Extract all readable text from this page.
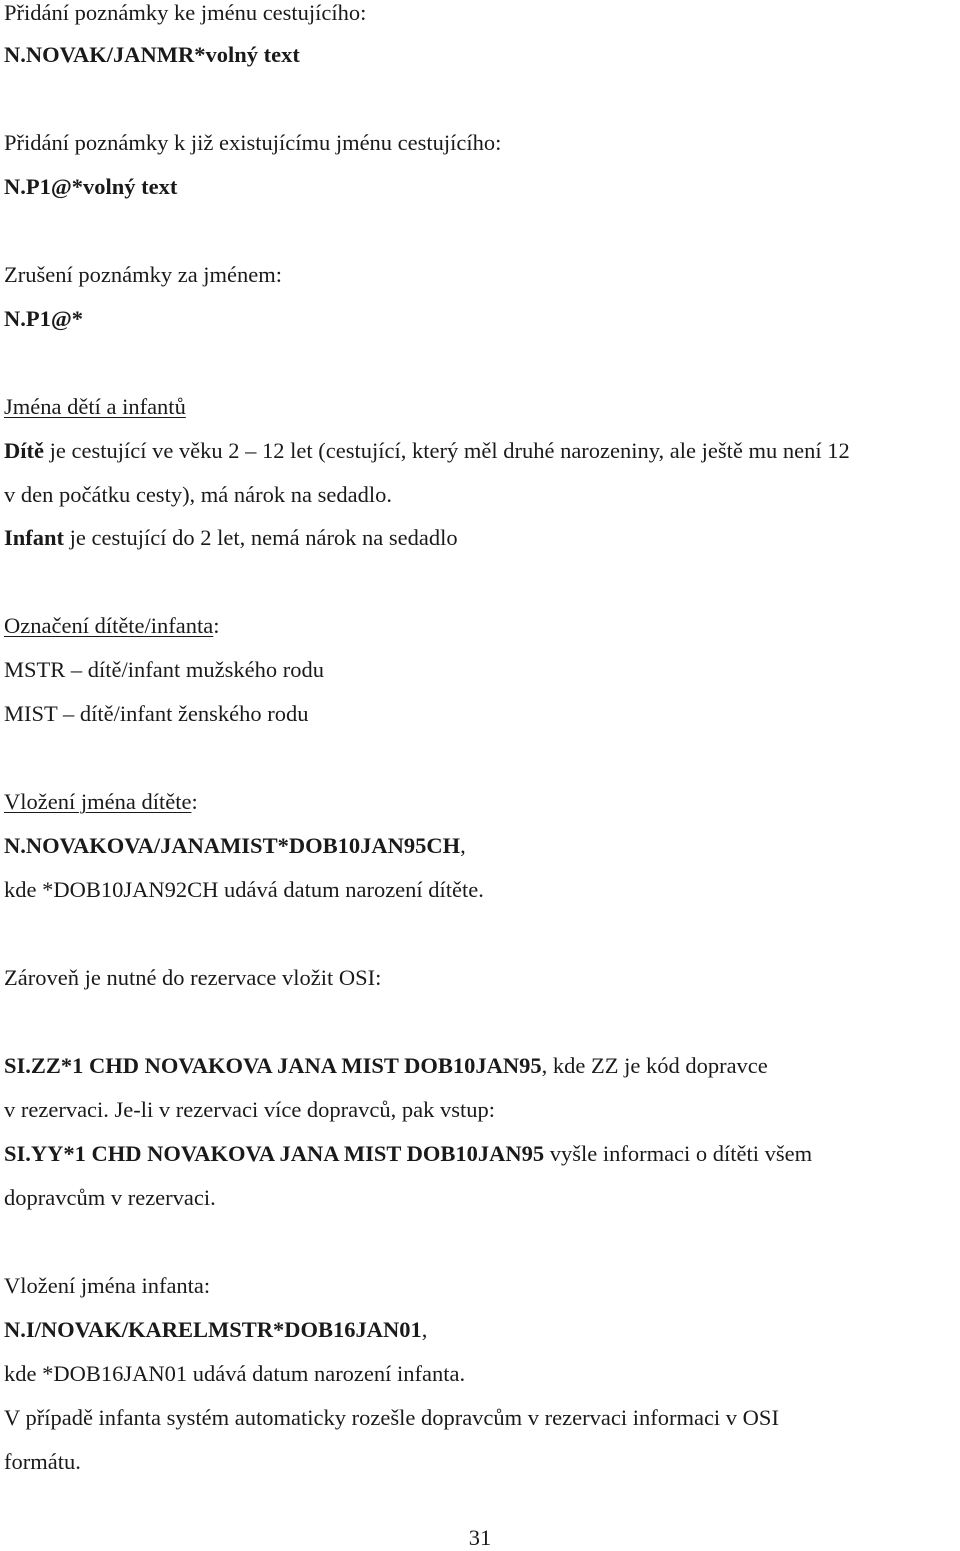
Přidání poznámky ke jménu cestujícího:
N.NOVAK/JANMR*volný text
Přidání poznámky k již existujícímu jménu cestujícího:
N.P1@*volný text
Zrušení poznámky za jménem:
N.P1@*
Jména dětí a infantů
Dítě je cestující ve věku 2 – 12 let (cestující, který měl druhé narozeniny, ale ještě mu není 12
v den počátku cesty), má nárok na sedadlo.
Infant je cestující do 2 let, nemá nárok na sedadlo
Označení dítěte/infanta:
MSTR – dítě/infant mužského rodu
MIST – dítě/infant ženského rodu
Vložení jména dítěte:
N.NOVAKOVA/JANAMIST*DOB10JAN95CH,
kde *DOB10JAN92CH udává datum narození dítěte.
Zároveň je nutné do rezervace vložit OSI:
SI.ZZ*1 CHD NOVAKOVA JANA MIST DOB10JAN95, kde ZZ je kód dopravce
v rezervaci. Je-li v rezervaci více dopravců, pak vstup:
SI.YY*1 CHD NOVAKOVA JANA MIST DOB10JAN95 vyšle informaci o dítěti všem
dopravcům v rezervaci.
Vložení jména infanta:
N.I/NOVAK/KARELMSTR*DOB16JAN01,
kde *DOB16JAN01 udává datum narození infanta.
V případě infanta systém automaticky rozešle dopravcům v rezervaci informaci v OSI
formátu.
31
